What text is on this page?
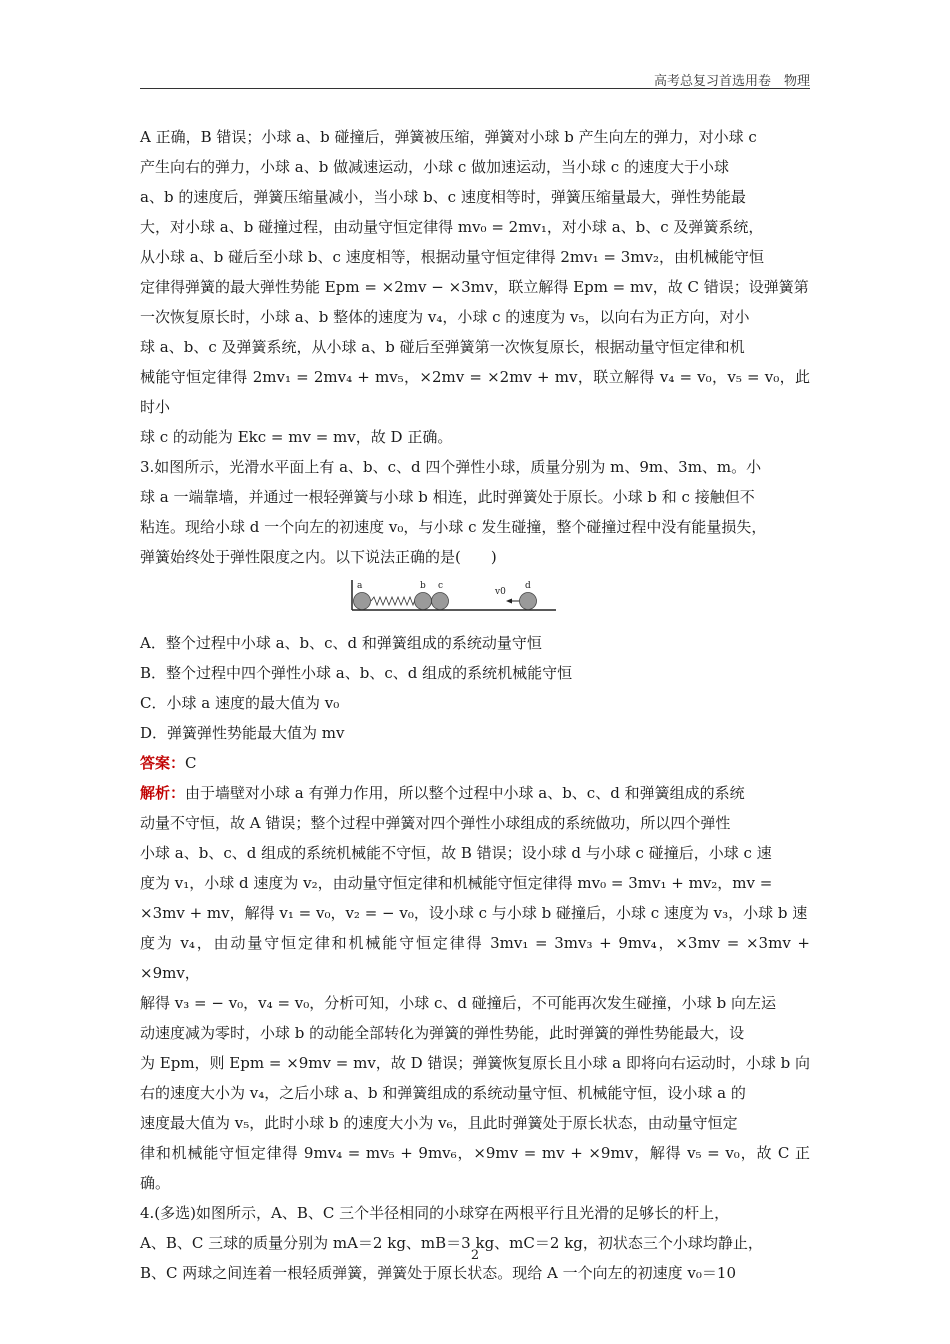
高考总复习首选用卷　物理

A 正确，B 错误；小球 a、b 碰撞后，弹簧被压缩，弹簧对小球 b 产生向左的弹力，对小球 c

产生向右的弹力，小球 a、b 做减速运动，小球 c 做加速运动，当小球 c 的速度大于小球

a、b 的速度后，弹簧压缩量减小，当小球 b、c 速度相等时，弹簧压缩量最大，弹性势能最

大，对小球 a、b 碰撞过程，由动量守恒定律得 mv₀ = 2mv₁，对小球 a、b、c 及弹簧系统，

从小球 a、b 碰后至小球 b、c 速度相等，根据动量守恒定律得 2mv₁ = 3mv₂，由机械能守恒

定律得弹簧的最大弹性势能 Epm = ×2mv − ×3mv，联立解得 Epm = mv，故 C 错误；设弹簧第

一次恢复原长时，小球 a、b 整体的速度为 v₄，小球 c 的速度为 v₅，以向右为正方向，对小

球 a、b、c 及弹簧系统，从小球 a、b 碰后至弹簧第一次恢复原长，根据动量守恒定律和机

械能守恒定律得 2mv₁ = 2mv₄ + mv₅，×2mv = ×2mv + mv，联立解得 v₄ = v₀，v₅ = v₀，此时小

球 c 的动能为 Ekc = mv = mv，故 D 正确。

3.如图所示，光滑水平面上有 a、b、c、d 四个弹性小球，质量分别为 m、9m、3m、m。小

球 a 一端靠墙，并通过一根轻弹簧与小球 b 相连，此时弹簧处于原长。小球 b 和 c 接触但不

粘连。现给小球 d 一个向左的初速度 v₀，与小球 c 发生碰撞，整个碰撞过程中没有能量损失，

弹簧始终处于弹性限度之内。以下说法正确的是(　　)

a	b c
v0
d

A．整个过程中小球 a、b、c、d 和弹簧组成的系统动量守恒

B．整个过程中四个弹性小球 a、b、c、d 组成的系统机械能守恒

C．小球 a 速度的最大值为 v₀

D．弹簧弹性势能最大值为 mv

答案：C

解析：由于墙壁对小球 a 有弹力作用，所以整个过程中小球 a、b、c、d 和弹簧组成的系统

动量不守恒，故 A 错误；整个过程中弹簧对四个弹性小球组成的系统做功，所以四个弹性

小球 a、b、c、d 组成的系统机械能不守恒，故 B 错误；设小球 d 与小球 c 碰撞后，小球 c 速

度为 v₁，小球 d 速度为 v₂，由动量守恒定律和机械能守恒定律得 mv₀ = 3mv₁ + mv₂，mv =

×3mv + mv，解得 v₁ = v₀，v₂ = − v₀，设小球 c 与小球 b 碰撞后，小球 c 速度为 v₃，小球 b 速

度为 v₄，由动量守恒定律和机械能守恒定律得 3mv₁ = 3mv₃ + 9mv₄，×3mv = ×3mv + ×9mv，

解得 v₃ = − v₀，v₄ = v₀，分析可知，小球 c、d 碰撞后，不可能再次发生碰撞，小球 b 向左运

动速度减为零时，小球 b 的动能全部转化为弹簧的弹性势能，此时弹簧的弹性势能最大，设

为 Epm，则 Epm = ×9mv = mv，故 D 错误；弹簧恢复原长且小球 a 即将向右运动时，小球 b 向

右的速度大小为 v₄，之后小球 a、b 和弹簧组成的系统动量守恒、机械能守恒，设小球 a 的

速度最大值为 v₅，此时小球 b 的速度大小为 v₆，且此时弹簧处于原长状态，由动量守恒定

律和机械能守恒定律得 9mv₄ = mv₅ + 9mv₆，×9mv = mv + ×9mv，解得 v₅ = v₀，故 C 正确。

4.(多选)如图所示，A、B、C 三个半径相同的小球穿在两根平行且光滑的足够长的杆上，

A、B、C 三球的质量分别为 mA＝2 kg、mB＝3 kg、mC＝2 kg，初状态三个小球均静止，

B、C 两球之间连着一根轻质弹簧，弹簧处于原长状态。现给 A 一个向左的初速度 v₀＝10

2
